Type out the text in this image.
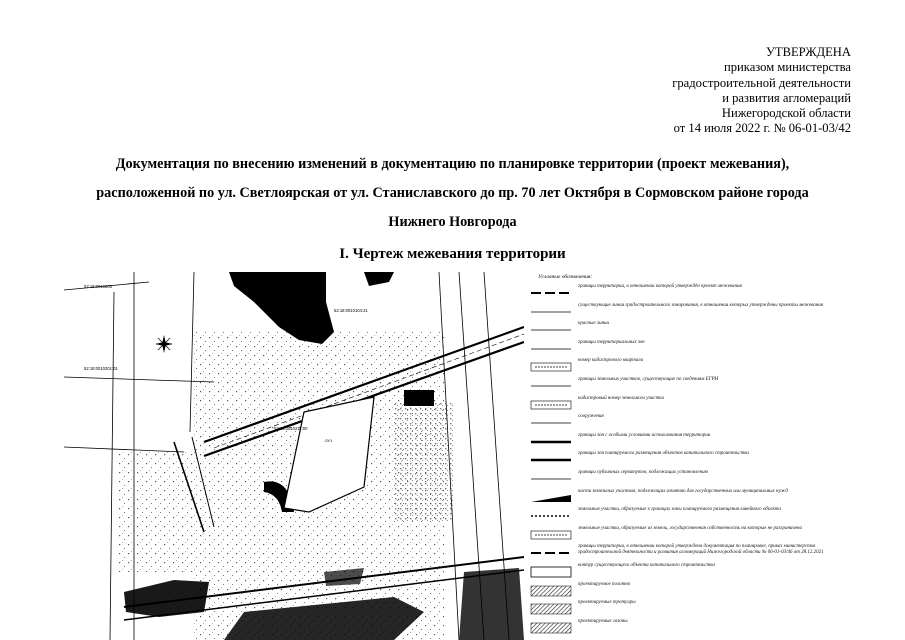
УТВЕРЖДЕНА
приказом министерства
градостроительной деятельности
и развития агломераций
Нижегородской области
от 14 июля 2022 г. № 06-01-03/42
Документация по внесению изменений в документацию по планировке территории (проект межевания),
расположенной по ул. Светлоярская от ул. Станиславского до пр. 70 лет Октября в Сормовском районе города
Нижнего Новгорода
I. Чертеж межевания территории
:ЗУ1
52:18:0010205
52:18:0010104:21
52:18:0010201:01
52:18:0010211:00
Условные обозначения:
границы территории, в отношении которой утверждён проект межевания
существующие линии градостроительного зонирования, в отношении которых утверждены проекты межевания
красные линии
границы территориальных зон
номер кадастрового квартала
границы земельных участков, существующие по сведениям ЕГРН
кадастровый номер земельного участка
сооружения
границы зон с особыми условиями использования территории
границы зон планируемого размещения объектов капитального строительства
границы публичных сервитутов, подлежащих установлению
части земельных участков, подлежащих изъятию для государственных или муниципальных нужд
земельные участки, образуемые в границах зоны планируемого размещения линейного объекта
земельные участки, образуемые из земель, государственная собственность на которые не разграничена
границы территории, в отношении которой утверждена документация по планировке, приказ министерства градостроительной деятельности и развития агломераций Нижегородской области № 06-01-03/46 от 28.12.2021
контур существующего объекта капитального строительства
проектируемое полотно
проектируемые тротуары
проектируемые газоны
